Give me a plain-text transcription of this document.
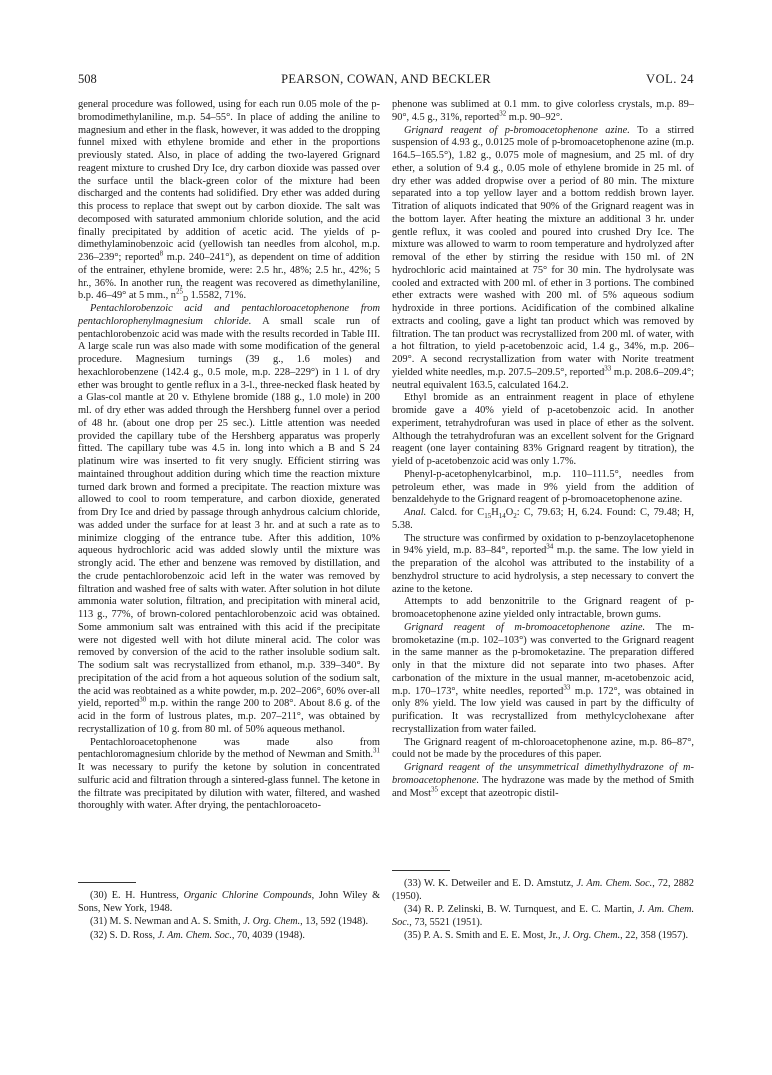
508	PEARSON, COWAN, AND BECKLER	VOL. 24

general procedure was followed, using for each run 0.05 mole of the p-bromodimethylaniline, m.p. 54–55°. In place of adding the aniline to magnesium and ether in the flask, however, it was added to the dropping funnel mixed with ethylene bromide and ether in the proportions previously stated. Also, in place of adding the two-layered Grignard reagent mixture to crushed Dry Ice, dry carbon dioxide was passed over the surface until the black-green color of the mixture had been discharged and the contents had solidified. Dry ether was added during this process to replace that swept out by carbon dioxide. The salt was decomposed with saturated ammonium chloride solution, and the acid finally precipitated by addition of acetic acid. The yields of p-dimethylaminobenzoic acid (yellowish tan needles from alcohol, m.p. 236–239°; reported$^8$ m.p. 240–241°), as dependent on time of addition of the entrainer, ethylene bromide, were: 2.5 hr., 48%; 2.5 hr., 42%; 5 hr., 36%. In another run, the reagent was recovered as dimethylaniline, b.p. 46–49° at 5 mm., $n^{25}_D$ 1.5582, 71%.

Pentachlorobenzoic acid and pentachloroacetophenone from pentachlorophenylmagnesium chloride. A small scale run of pentachlorobenzoic acid was made with the results recorded in Table III. A large scale run was also made with some modification of the general procedure. Magnesium turnings (39 g., 1.6 moles) and hexachlorobenzene (142.4 g., 0.5 mole, m.p. 228–229°) in 1 l. of dry ether was brought to gentle reflux in a 3-l., three-necked flask heated by a Glas-col mantle at 20 v. Ethylene bromide (188 g., 1.0 mole) in 200 ml. of dry ether was added through the Hershberg funnel over a period of 48 hr. (about one drop per 25 sec.). Little attention was needed provided the capillary tube of the Hershberg apparatus was properly fitted. The capillary tube was 4.5 in. long into which a B and S 24 platinum wire was inserted to fit very snugly. Efficient stirring was maintained throughout addition during which time the reaction mixture turned dark brown and formed a precipitate. The reaction mixture was allowed to cool to room temperature, and carbon dioxide, generated from Dry Ice and dried by passage through anhydrous calcium chloride, was added under the surface for at least 3 hr. and at such a rate as to minimize clogging of the entrance tube. After this addition, 10% aqueous hydrochloric acid was added slowly until the mixture was strongly acid. The ether and benzene was removed by distillation, and the crude pentachlorobenzoic acid left in the water was removed by filtration and washed free of salts with water. After solution in hot dilute ammonia water solution, filtration, and precipitation with mineral acid, 113 g., 77%, of brown-colored pentachlorobenzoic acid was obtained. Some ammonium salt was entrained with this acid if the precipitate were not digested well with hot dilute mineral acid. The color was removed by conversion of the acid to the rather insoluble sodium salt. The sodium salt was recrystallized from ethanol, m.p. 339–340°. By precipitation of the acid from a hot aqueous solution of the sodium salt, the acid was reobtained as a white powder, m.p. 202–206°, 60% over-all yield, reported$^{30}$ m.p. within the range 200 to 208°. About 8.6 g. of the acid in the form of lustrous plates, m.p. 207–211°, was obtained by recrystallization of 10 g. from 80 ml. of 50% aqueous methanol.

Pentachloroacetophenone was made also from pentachloromagnesium chloride by the method of Newman and Smith.$^{31}$ It was necessary to purify the ketone by solution in concentrated sulfuric acid and filtration through a sintered-glass funnel. The ketone in the filtrate was precipitated by dilution with water, filtered, and washed thoroughly with water. After drying, the pentachloroaceto-

phenone was sublimed at 0.1 mm. to give colorless crystals, m.p. 89–90°, 4.5 g., 31%, reported$^{32}$ m.p. 90–92°.

Grignard reagent of p-bromoacetophenone azine. To a stirred suspension of 4.93 g., 0.0125 mole of p-bromoacetophenone azine (m.p. 164.5–165.5°), 1.82 g., 0.075 mole of magnesium, and 25 ml. of dry ether, a solution of 9.4 g., 0.05 mole of ethylene bromide in 25 ml. of dry ether was added dropwise over a period of 80 min. The mixture separated into a top yellow layer and a bottom reddish brown layer. Titration of aliquots indicated that 90% of the Grignard reagent was in the bottom layer. After heating the mixture an additional 3 hr. under gentle reflux, it was cooled and poured into crushed Dry Ice. The mixture was allowed to warm to room temperature and hydrolyzed after removal of the ether by stirring the residue with 150 ml. of 2N hydrochloric acid maintained at 75° for 30 min. The hydrolysate was cooled and extracted with 200 ml. of ether in 3 portions. The combined ether extracts were washed with 200 ml. of 5% aqueous sodium hydroxide in three portions. Acidification of the combined alkaline extracts and cooling, gave a light tan product which was removed by filtration. The tan product was recrystallized from 200 ml. of water, with a hot filtration, to yield p-acetobenzoic acid, 1.4 g., 34%, m.p. 206–209°. A second recrystallization from water with Norite treatment yielded white needles, m.p. 207.5–209.5°, reported$^{33}$ m.p. 208.6–209.4°; neutral equivalent 163.5, calculated 164.2.

Ethyl bromide as an entrainment reagent in place of ethylene bromide gave a 40% yield of p-acetobenzoic acid. In another experiment, tetrahydrofuran was used in place of ether as the solvent. Although the tetrahydrofuran was an excellent solvent for the Grignard reagent (one layer containing 83% Grignard reagent by titration), the yield of p-acetobenzoic acid was only 1.7%.

Phenyl-p-acetophenylcarbinol, m.p. 110–111.5°, needles from petroleum ether, was made in 9% yield from the addition of benzaldehyde to the Grignard reagent of p-bromoacetophenone azine.

Anal. Calcd. for $C_{15}H_{14}O_2$: C, 79.63; H, 6.24. Found: C, 79.48; H, 5.38.

The structure was confirmed by oxidation to p-benzoylacetophenone in 94% yield, m.p. 83–84°, reported$^{34}$ m.p. the same. The low yield in the preparation of the alcohol was attributed to the instability of a benzhydrol structure to acid hydrolysis, a step necessary to convert the azine to the ketone.

Attempts to add benzonitrile to the Grignard reagent of p-bromoacetophenone azine yielded only intractable, brown gums.

Grignard reagent of m-bromoacetophenone azine. The m-bromoketazine (m.p. 102–103°) was converted to the Grignard reagent in the same manner as the p-bromoketazine. The preparation differed only in that the mixture did not separate into two phases. After carbonation of the mixture in the usual manner, m-acetobenzoic acid, m.p. 170–173°, white needles, reported$^{33}$ m.p. 172°, was obtained in only 8% yield. The low yield was caused in part by the difficulty of purification. It was recrystallized from methylcyclohexane after recrystallization from water failed.

The Grignard reagent of m-chloroacetophenone azine, m.p. 86–87°, could not be made by the procedures of this paper.

Grignard reagent of the unsymmetrical dimethylhydrazone of m-bromoacetophenone. The hydrazone was made by the method of Smith and Most$^{35}$ except that azeotropic distil-

(30) E. H. Huntress, Organic Chlorine Compounds, John Wiley & Sons, New York, 1948.

(31) M. S. Newman and A. S. Smith, J. Org. Chem., 13, 592 (1948).

(32) S. D. Ross, J. Am. Chem. Soc., 70, 4039 (1948).

(33) W. K. Detweiler and E. D. Amstutz, J. Am. Chem. Soc., 72, 2882 (1950).

(34) R. P. Zelinski, B. W. Turnquest, and E. C. Martin, J. Am. Chem. Soc., 73, 5521 (1951).

(35) P. A. S. Smith and E. E. Most, Jr., J. Org. Chem., 22, 358 (1957).
